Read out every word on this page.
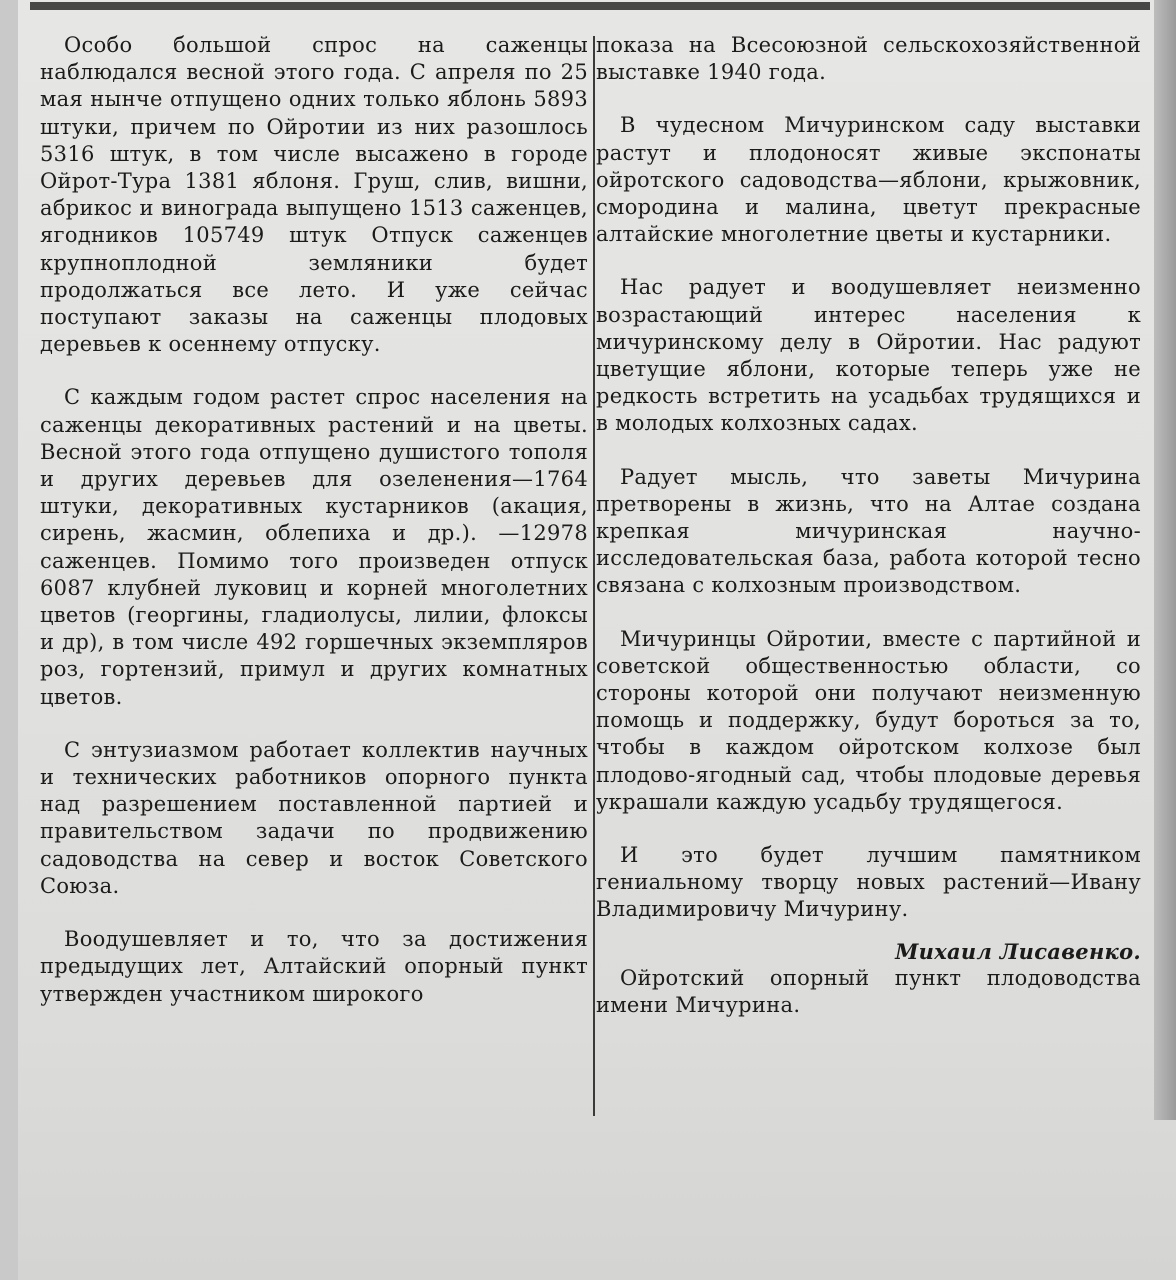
Особо большой спрос на саженцы наблюдался весной этого года. С апреля по 25 мая нынче отпущено одних только яблонь 5893 штуки, причем по Ойротии из них разошлось 5316 штук, в том числе высажено в городе Ойрот-Тура 1381 яблоня. Груш, слив, вишни, абрикос и винограда выпущено 1513 саженцев, ягодников 105749 штук Отпуск саженцев крупноплодной земляники будет продолжаться все лето. И уже сейчас поступают заказы на саженцы плодовых деревьев к осеннему отпуску.

С каждым годом растет спрос населения на саженцы декоративных растений и на цветы. Весной этого года отпущено душистого тополя и других деревьев для озеленения—1764 штуки, декоративных кустарников (акация, сирень, жасмин, облепиха и др.). —12978 саженцев. Помимо того произведен отпуск 6087 клубней луковиц и корней многолетних цветов (георгины, гладиолусы, лилии, флоксы и др), в том числе 492 горшечных экземпляров роз, гортензий, примул и других комнатных цветов.

С энтузиазмом работает коллектив научных и технических работников опорного пункта над разрешением поставленной партией и правительством задачи по продвижению садоводства на север и восток Советского Союза.

Воодушевляет и то, что за достижения предыдущих лет, Алтайский опорный пункт утвержден участником широкого

показа на Всесоюзной сельскохозяйственной выставке 1940 года.

В чудесном Мичуринском саду выставки растут и плодоносят живые экспонаты ойротского садоводства—яблони, крыжовник, смородина и малина, цветут прекрасные алтайские многолетние цветы и кустарники.

Нас радует и воодушевляет неизменно возрастающий интерес населения к мичуринскому делу в Ойротии. Нас радуют цветущие яблони, которые теперь уже не редкость встретить на усадьбах трудящихся и в молодых колхозных садах.

Радует мысль, что заветы Мичурина претворены в жизнь, что на Алтае создана крепкая мичуринская научно-исследовательская база, работа которой тесно связана с колхозным производством.

Мичуринцы Ойротии, вместе с партийной и советской общественностью области, со стороны которой они получают неизменную помощь и поддержку, будут бороться за то, чтобы в каждом ойротском колхозе был плодово-ягодный сад, чтобы плодовые деревья украшали каждую усадьбу трудящегося.

И это будет лучшим памятником гениальному творцу новых растений—Ивану Владимировичу Мичурину.

Михаил Лисавенко.

Ойротский опорный пункт плодоводства имени Мичурина.
